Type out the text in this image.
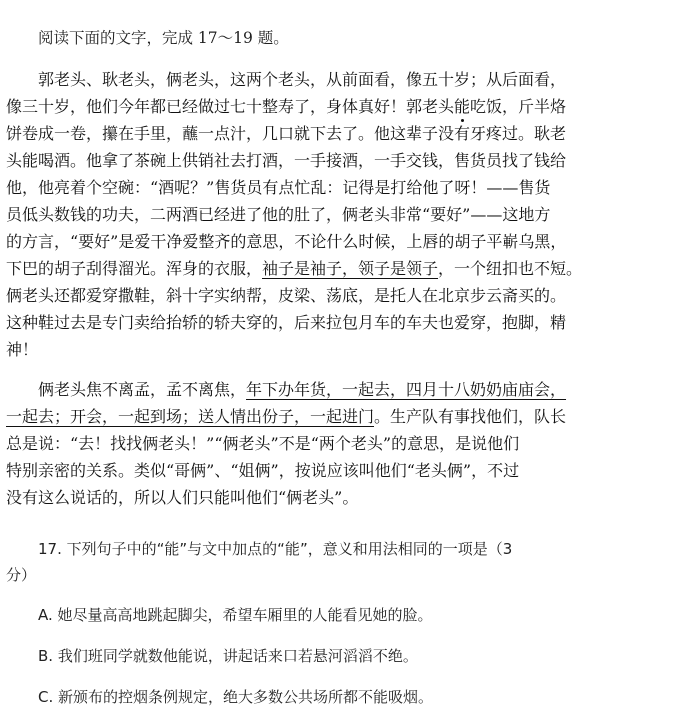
阅读下面的文字，完成 17～19 题。
郭老头、耿老头，俩老头，这两个老头，从前面看，像五十岁；从后面看，
像三十岁，他们今年都已经做过七十整寿了，身体真好！郭老头能吃饭，斤半烙
饼卷成一卷，攥在手里，蘸一点汁，几口就下去了。他这辈子没有牙疼过。耿老
头能喝酒。他拿了茶碗上供销社去打酒，一手接酒，一手交钱，售货员找了钱给
他，他亮着个空碗：“酒呢？”售货员有点忙乱：记得是打给他了呀！——售货
员低头数钱的功夫，二两酒已经进了他的肚了，俩老头非常“要好”——这地方
的方言，“要好”是爱干净爱整齐的意思，不论什么时候，上唇的胡子平嶄乌黑，
下巴的胡子刮得溜光。浑身的衣服，袖子是袖子，领子是领子，一个纽扣也不短。
俩老头还都爱穿撒鞋，斜十字实纳帮，皮梁、荡底，是托人在北京步云斋买的。
这种鞋过去是专门卖给抬轿的轿夫穿的，后来拉包月车的车夫也爱穿，抱脚，精
神！
俩老头焦不离孟，孟不离焦，年下办年货，一起去，四月十八奶奶庙庙会，
一起去；开会，一起到场；送人情出份子，一起进门。生产队有事找他们，队长
总是说：“去！找找俩老头！”“俩老头”不是“两个老头”的意思，是说他们
特别亲密的关系。类似“哥俩”、“姐俩”，按说应该叫他们“老头俩”，不过
没有这么说话的，所以人们只能叫他们“俩老头”。
17. 下列句子中的“能”与文中加点的“能”，意义和用法相同的一项是（3
分）
A. 她尽量高高地跳起脚尖，希望车厢里的人能看见她的脸。
B. 我们班同学就数他能说，讲起话来口若悬河滔滔不绝。
C. 新颁布的控烟条例规定，绝大多数公共场所都不能吸烟。
